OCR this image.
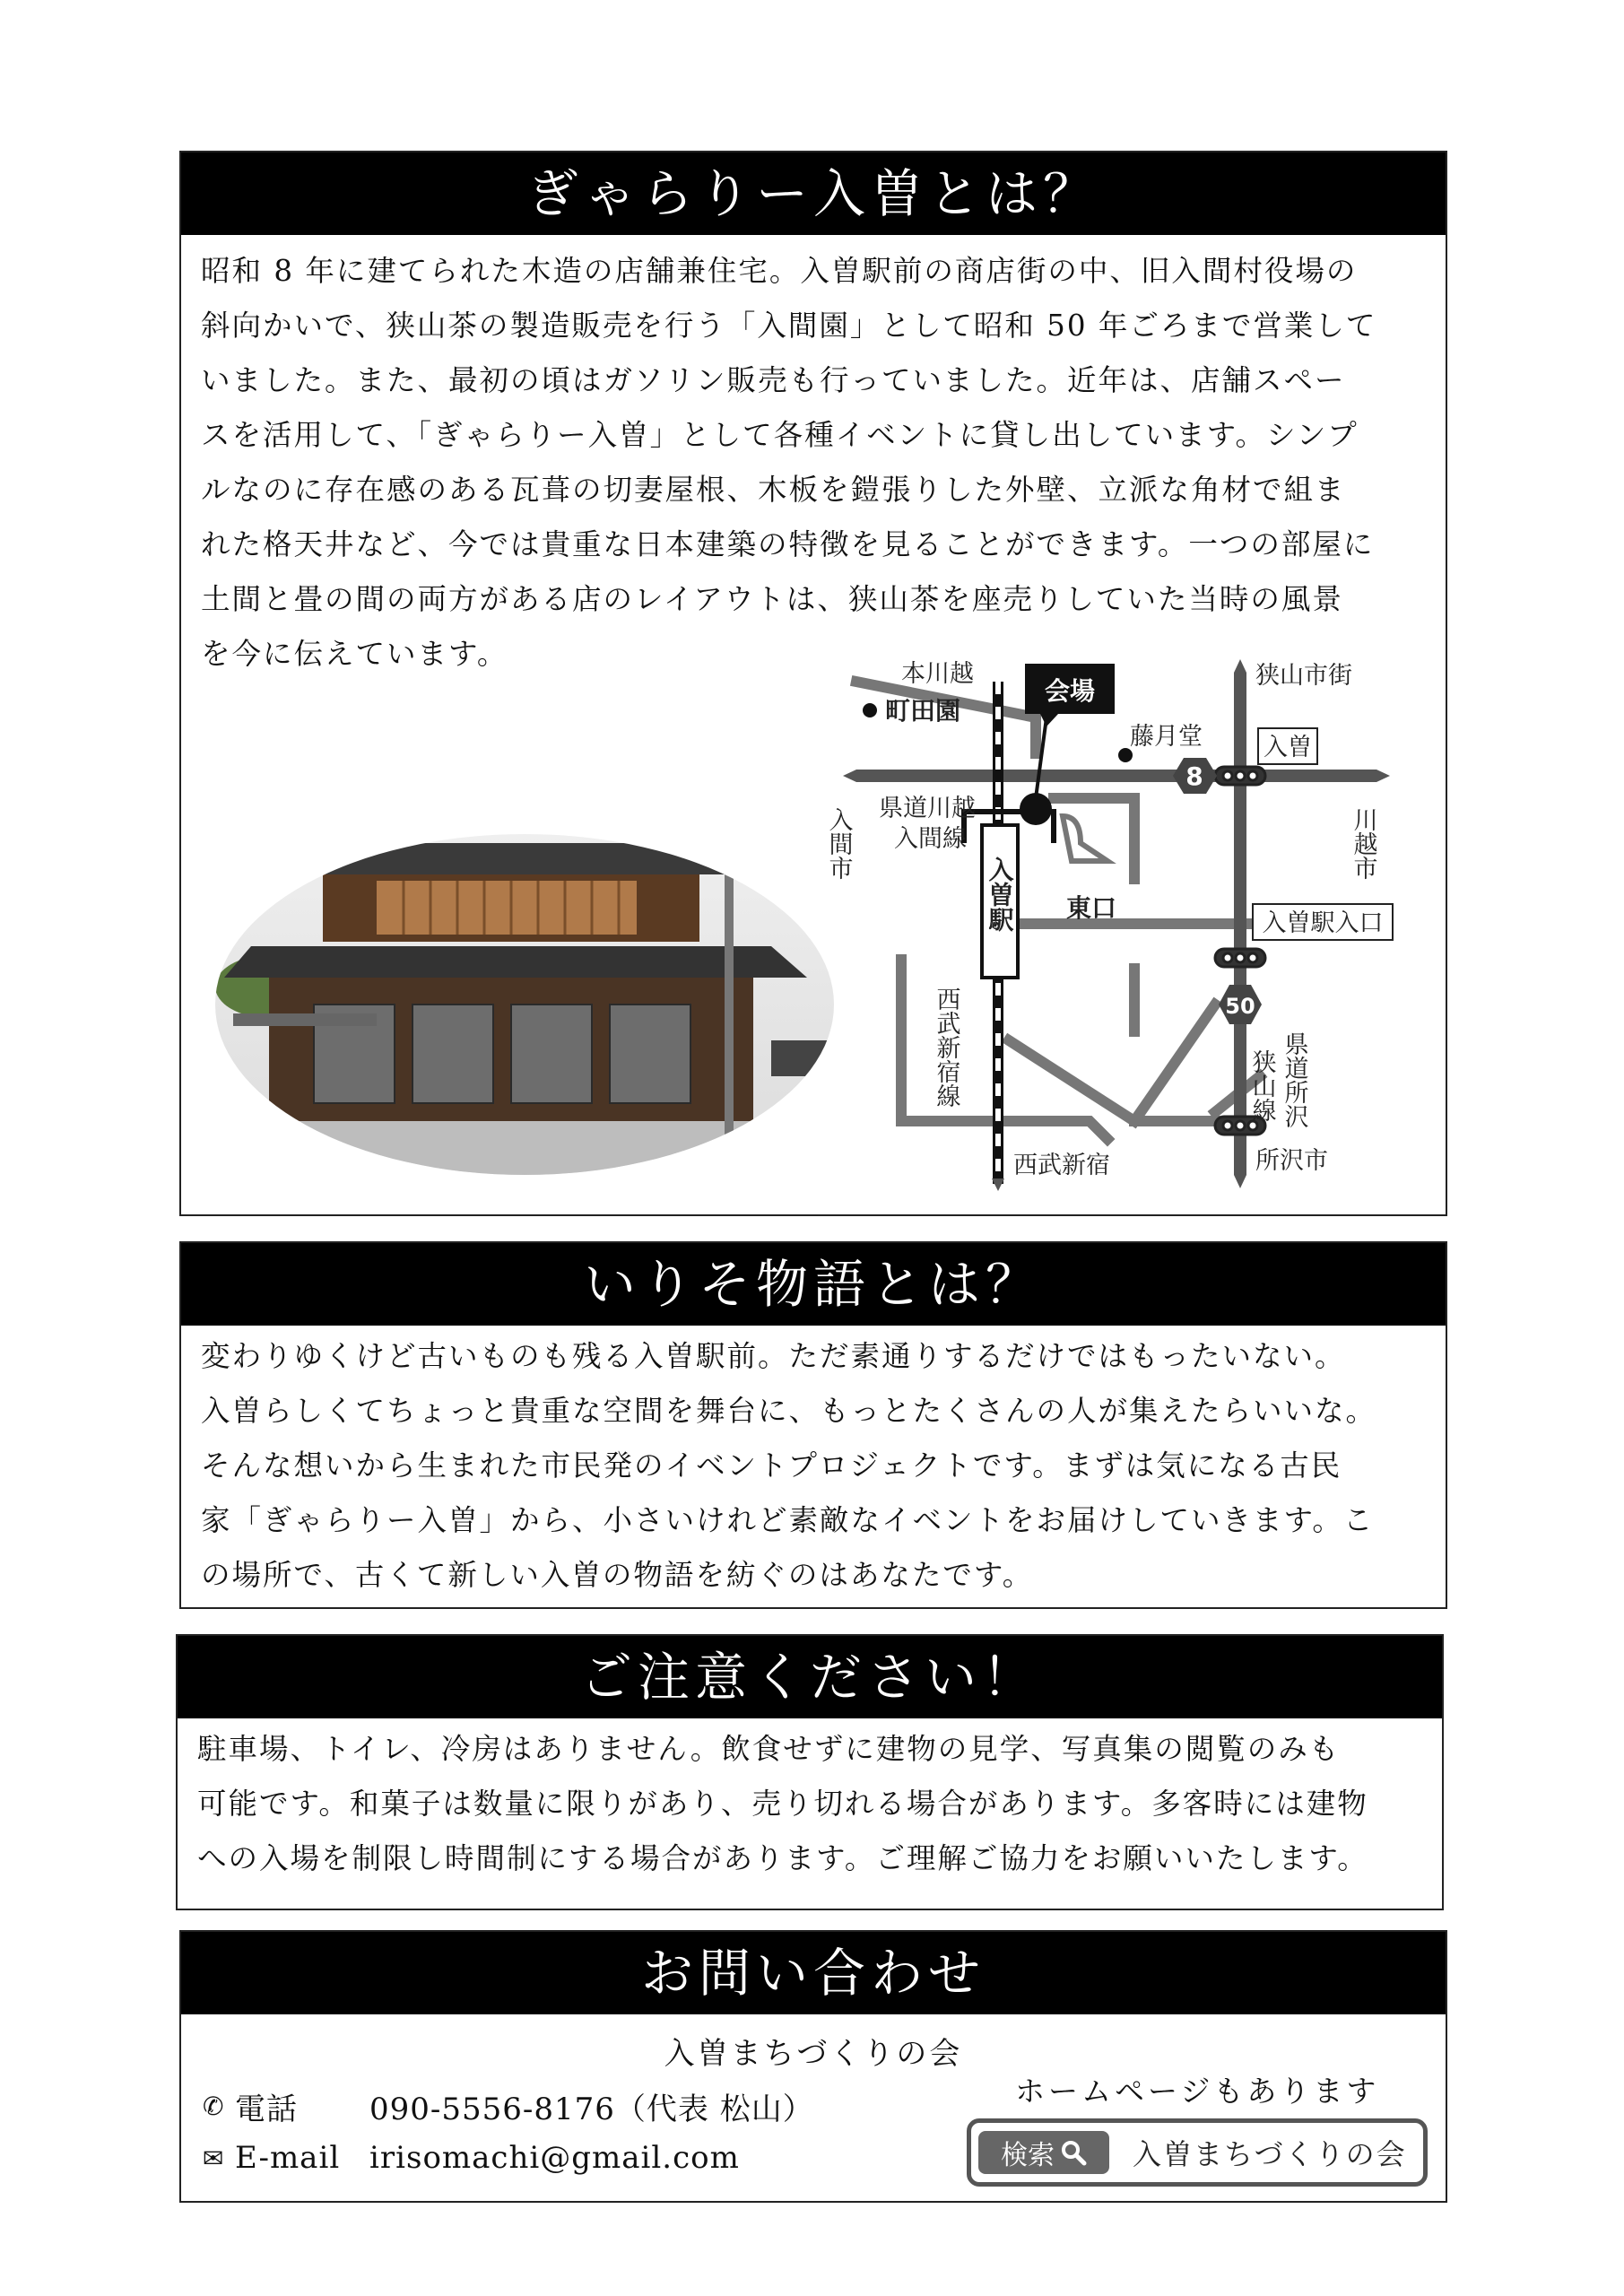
ぎゃらりー入曽とは？
昭和 8 年に建てられた木造の店舗兼住宅。入曽駅前の商店街の中、旧入間村役場の
斜向かいで、狭山茶の製造販売を行う「入間園」として昭和 50 年ごろまで営業して
いました。また、最初の頃はガソリン販売も行っていました。近年は、店舗スペー
スを活用して、「ぎゃらりー入曽」として各種イベントに貸し出しています。シンプ
ルなのに存在感のある瓦葺の切妻屋根、木板を鎧張りした外壁、立派な角材で組ま
れた格天井など、今では貴重な日本建築の特徴を見ることができます。一つの部屋に
土間と畳の間の両方がある店のレイアウトは、狭山茶を座売りしていた当時の風景
を今に伝えています。
8
50
会場
本川越
町田園
藤月堂
狭山市街
入曽
県道川越
入間線
入間市	川越市
東口
入曽駅	入曽駅入口
西武新宿線	県道所沢
狭山線
西武新宿	所沢市
いりそ物語とは？
変わりゆくけど古いものも残る入曽駅前。ただ素通りするだけではもったいない。
入曽らしくてちょっと貴重な空間を舞台に、もっとたくさんの人が集えたらいいな。
そんな想いから生まれた市民発のイベントプロジェクトです。まずは気になる古民
家「ぎゃらりー入曽」から、小さいけれど素敵なイベントをお届けしていきます。こ
の場所で、古くて新しい入曽の物語を紡ぐのはあなたです。
ご注意ください！
駐車場、トイレ、冷房はありません。飲食せずに建物の見学、写真集の閲覧のみも
可能です。和菓子は数量に限りがあり、売り切れる場合があります。多客時には建物
への入場を制限し時間制にする場合があります。ご理解ご協力をお願いいたします。
お問い合わせ
入曽まちづくりの会
✆ 電話	090-5556-8176（代表 松山）
✉ E-mail irisomachi@gmail.com
ホームページもあります
検索	入曽まちづくりの会
